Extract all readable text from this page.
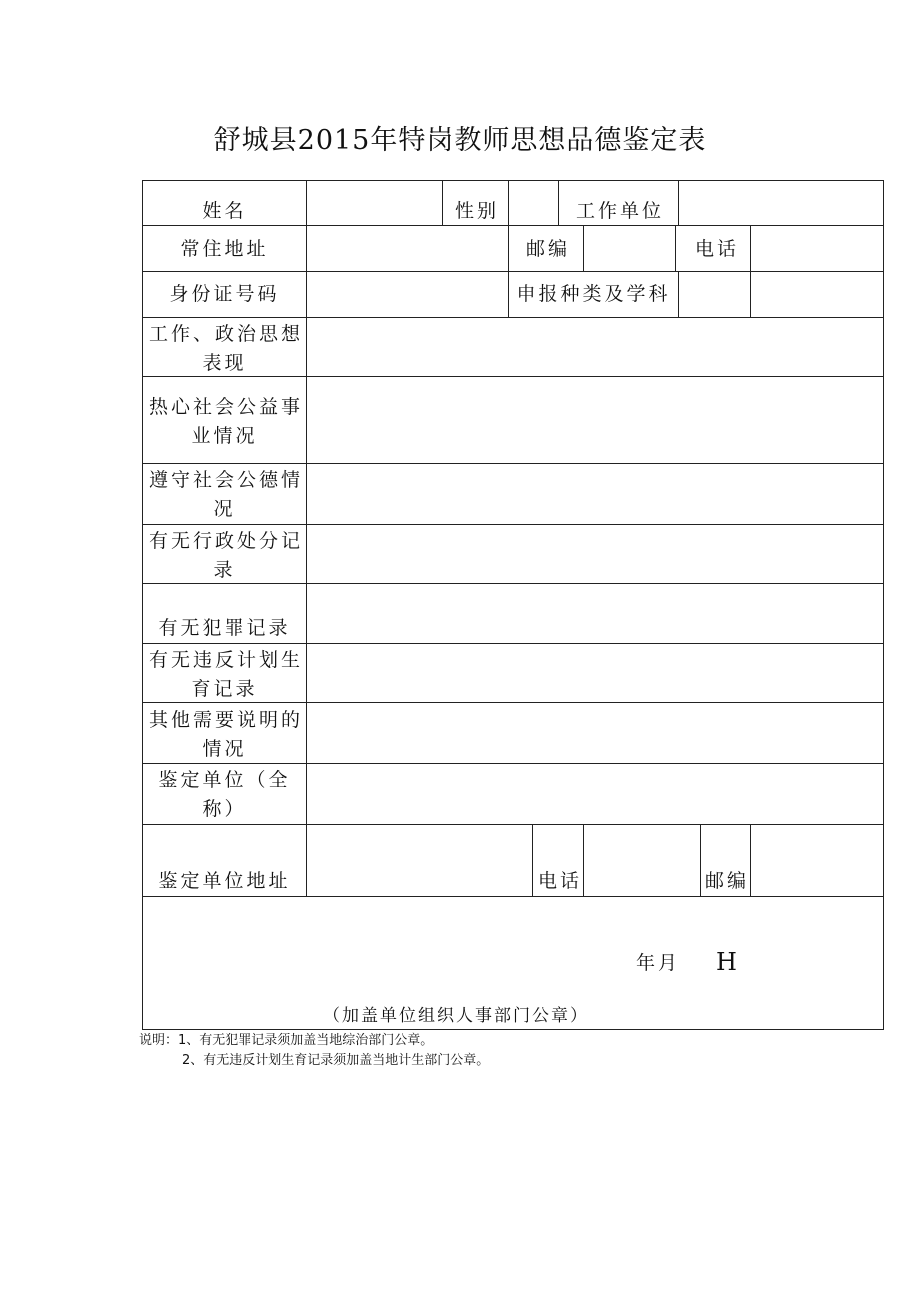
舒城县2015年特岗教师思想品德鉴定表
姓名	性别	工作单位
常住地址	邮编	电话
身份证号码	申报种类及学科
工作、政治思想
表现
热心社会公益事
业情况
遵守社会公德情
况
有无行政处分记
录
有无犯罪记录
有无违反计划生
育记录
其他需要说明的
情况
鉴定单位（全
称）
鉴定单位地址	电话	邮编
年月 H
（加盖单位组织人事部门公章）
说明：1、有无犯罪记录须加盖当地综治部门公章。
2、有无违反计划生育记录须加盖当地计生部门公章。
